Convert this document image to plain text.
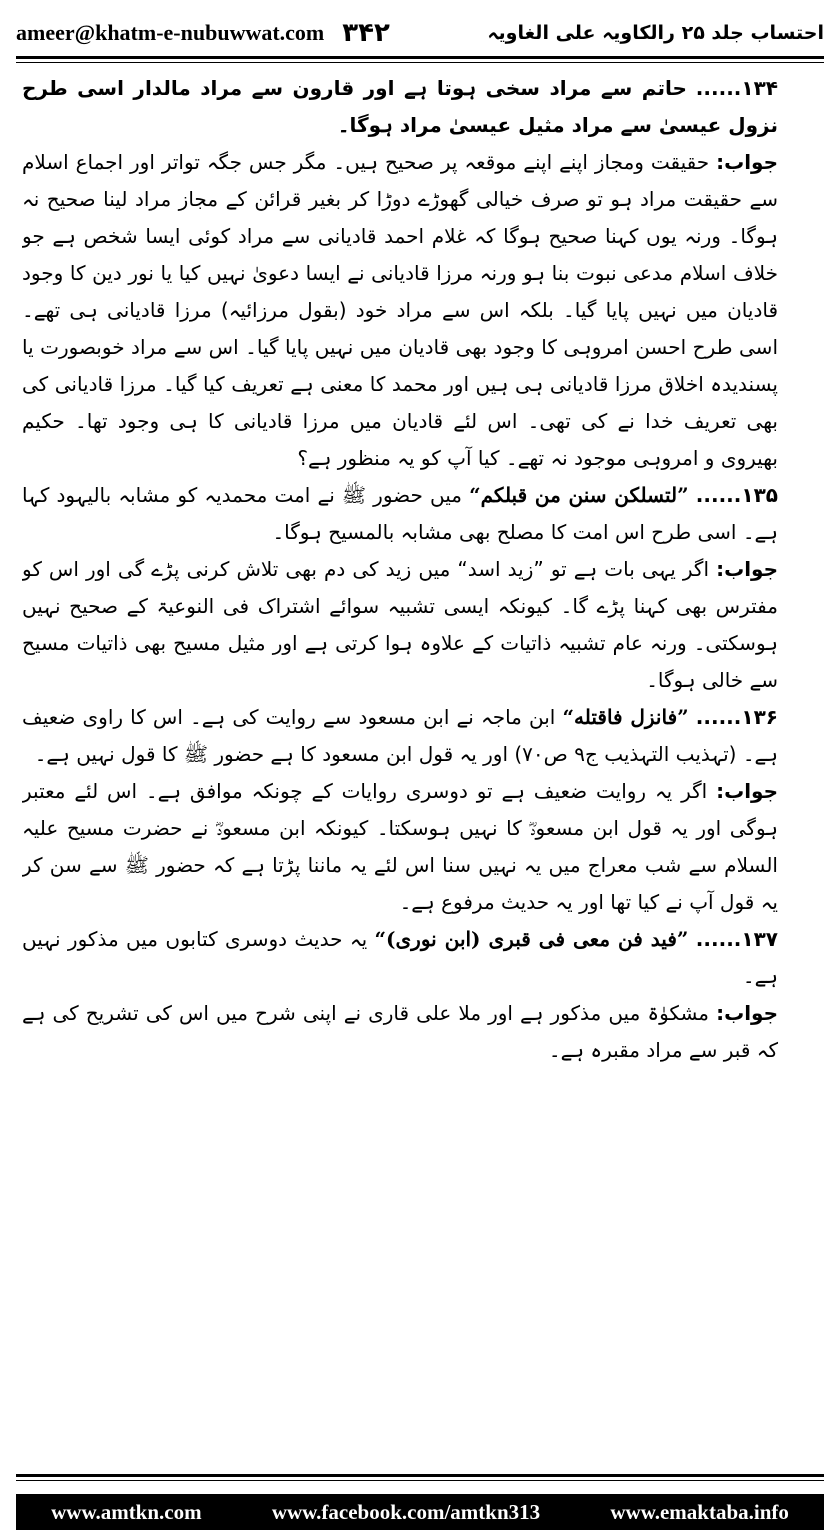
ameer@khatm-e-nubuwwat.com ۳۴۲	احتساب جلد ۲۵ رالکاویہ علی الغاویہ

۱۳۴...... حاتم سے مراد سخی ہوتا ہے اور قارون سے مراد مالدار اسی طرح نزول عیسیٰ سے مراد مثیل عیسیٰ مراد ہوگا۔

جواب: حقیقت ومجاز اپنے اپنے موقعہ پر صحیح ہیں۔ مگر جس جگہ تواتر اور اجماع اسلام سے حقیقت مراد ہو تو صرف خیالی گھوڑے دوڑا کر بغیر قرائن کے مجاز مراد لینا صحیح نہ ہوگا۔ ورنہ یوں کہنا صحیح ہوگا کہ غلام احمد قادیانی سے مراد کوئی ایسا شخص ہے جو خلاف اسلام مدعی نبوت بنا ہو ورنہ مرزا قادیانی نے ایسا دعویٰ نہیں کیا یا نور دین کا وجود قادیان میں نہیں پایا گیا۔ بلکہ اس سے مراد خود (بقول مرزائیہ) مرزا قادیانی ہی تھے۔ اسی طرح احسن امروہی کا وجود بھی قادیان میں نہیں پایا گیا۔ اس سے مراد خوبصورت یا پسندیدہ اخلاق مرزا قادیانی ہی ہیں اور محمد کا معنی ہے تعریف کیا گیا۔ مرزا قادیانی کی بھی تعریف خدا نے کی تھی۔ اس لئے قادیان میں مرزا قادیانی کا ہی وجود تھا۔ حکیم بھیروی و امروہی موجود نہ تھے۔ کیا آپ کو یہ منظور ہے؟

۱۳۵...... ”لتسلكن سنن من قبلكم“ میں حضور ﷺ نے امت محمدیہ کو مشابہ بالیہود کہا ہے۔ اسی طرح اس امت کا مصلح بھی مشابہ بالمسیح ہوگا۔

جواب: اگر یہی بات ہے تو ”زید اسد“ میں زید کی دم بھی تلاش کرنی پڑے گی اور اس کو مفترس بھی کہنا پڑے گا۔ کیونکہ ایسی تشبیہ سوائے اشتراک فی النوعیۃ کے صحیح نہیں ہوسکتی۔ ورنہ عام تشبیہ ذاتیات کے علاوہ ہوا کرتی ہے اور مثیل مسیح بھی ذاتیات مسیح سے خالی ہوگا۔

۱۳۶...... ”فانزل فاقتله“ ابن ماجہ نے ابن مسعود سے روایت کی ہے۔ اس کا راوی ضعیف ہے۔ (تہذیب التہذیب ج۹ ص۷۰) اور یہ قول ابن مسعود کا ہے حضور ﷺ کا قول نہیں ہے۔

جواب: اگر یہ روایت ضعیف ہے تو دوسری روایات کے چونکہ موافق ہے۔ اس لئے معتبر ہوگی اور یہ قول ابن مسعودؓ کا نہیں ہوسکتا۔ کیونکہ ابن مسعودؓ نے حضرت مسیح علیہ السلام سے شب معراج میں یہ نہیں سنا اس لئے یہ ماننا پڑتا ہے کہ حضور ﷺ سے سن کر یہ قول آپ نے کیا تھا اور یہ حدیث مرفوع ہے۔

۱۳۷...... ”فيد فن معی فی قبری (ابن نوری)“ یہ حدیث دوسری کتابوں میں مذکور نہیں ہے۔

جواب: مشکوٰۃ میں مذکور ہے اور ملا علی قاری نے اپنی شرح میں اس کی تشریح کی ہے کہ قبر سے مراد مقبرہ ہے۔

www.amtkn.com	www.facebook.com/amtkn313	www.emaktaba.info
